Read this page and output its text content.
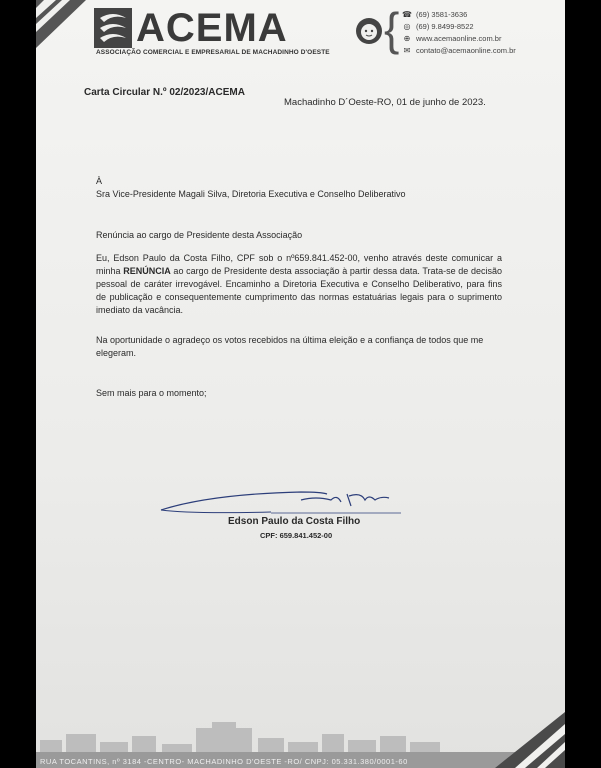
ACEMA
ASSOCIAÇÃO COMERCIAL E EMPRESARIAL DE MACHADINHO D'OESTE { ☎ (69) 3581-3636
◎ (69) 9.8499-8522
⊕ www.acemaonline.com.br
✉ contato@acemaonline.com.br
Carta Circular N.º 02/2023/ACEMA
Machadinho D´Oeste-RO, 01 de junho de 2023.
À
Sra Vice-Presidente Magali Silva, Diretoria Executiva e Conselho Deliberativo
Renúncia ao cargo de Presidente desta Associação
Eu, Edson Paulo da Costa Filho, CPF sob o nº659.841.452-00, venho através deste comunicar a minha RENÚNCIA ao cargo de Presidente desta associação à partir dessa data. Trata-se de decisão pessoal de caráter irrevogável. Encaminho a Diretoria Executiva e Conselho Deliberativo, para fins de publicação e consequentemente cumprimento das normas estatuárias legais para o suprimento imediato da vacância.
Na oportunidade o agradeço os votos recebidos na última eleição e a confiança de todos que me    elegeram.
Sem mais para o momento;
Edson Paulo da Costa Filho
CPF: 659.841.452-00
RUA TOCANTINS, nº 3184 -CENTRO- MACHADINHO D'OESTE -RO/ CNPJ: 05.331.380/0001-60
